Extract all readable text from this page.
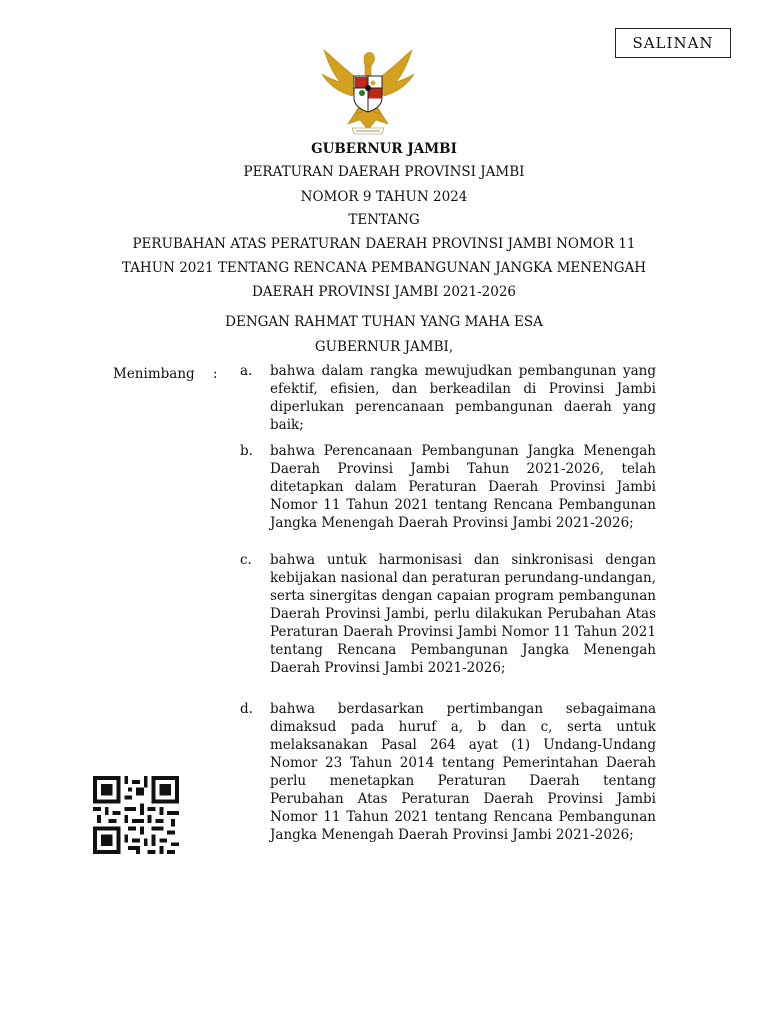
SALINAN
GUBERNUR JAMBI
PERATURAN DAERAH PROVINSI JAMBI
NOMOR 9 TAHUN 2024
TENTANG
PERUBAHAN ATAS PERATURAN DAERAH PROVINSI JAMBI NOMOR 11
TAHUN 2021 TENTANG RENCANA PEMBANGUNAN JANGKA MENENGAH
DAERAH PROVINSI JAMBI 2021-2026
DENGAN RAHMAT TUHAN YANG MAHA ESA
GUBERNUR JAMBI,
Menimbang : a.	bahwa dalam rangka mewujudkan pembangunan yang efektif, efisien, dan berkeadilan di Provinsi Jambi diperlukan perencanaan pembangunan daerah yang baik;
b.	bahwa Perencanaan Pembangunan Jangka Menengah Daerah Provinsi Jambi Tahun 2021-2026, telah ditetapkan dalam Peraturan Daerah Provinsi Jambi Nomor 11 Tahun 2021 tentang Rencana Pembangunan Jangka Menengah Daerah Provinsi Jambi 2021-2026;
c.	bahwa untuk harmonisasi dan sinkronisasi dengan kebijakan nasional dan peraturan perundang-undangan, serta sinergitas dengan capaian program pembangunan Daerah Provinsi Jambi, perlu dilakukan Perubahan Atas Peraturan Daerah Provinsi Jambi Nomor 11 Tahun 2021 tentang Rencana Pembangunan Jangka Menengah Daerah Provinsi Jambi 2021-2026;
d.	bahwa berdasarkan pertimbangan sebagaimana dimaksud pada huruf a, b dan c, serta untuk melaksanakan Pasal 264 ayat (1) Undang-Undang Nomor 23 Tahun 2014 tentang Pemerintahan Daerah perlu menetapkan Peraturan Daerah tentang Perubahan Atas Peraturan Daerah Provinsi Jambi Nomor 11 Tahun 2021 tentang Rencana Pembangunan Jangka Menengah Daerah Provinsi Jambi 2021-2026;
